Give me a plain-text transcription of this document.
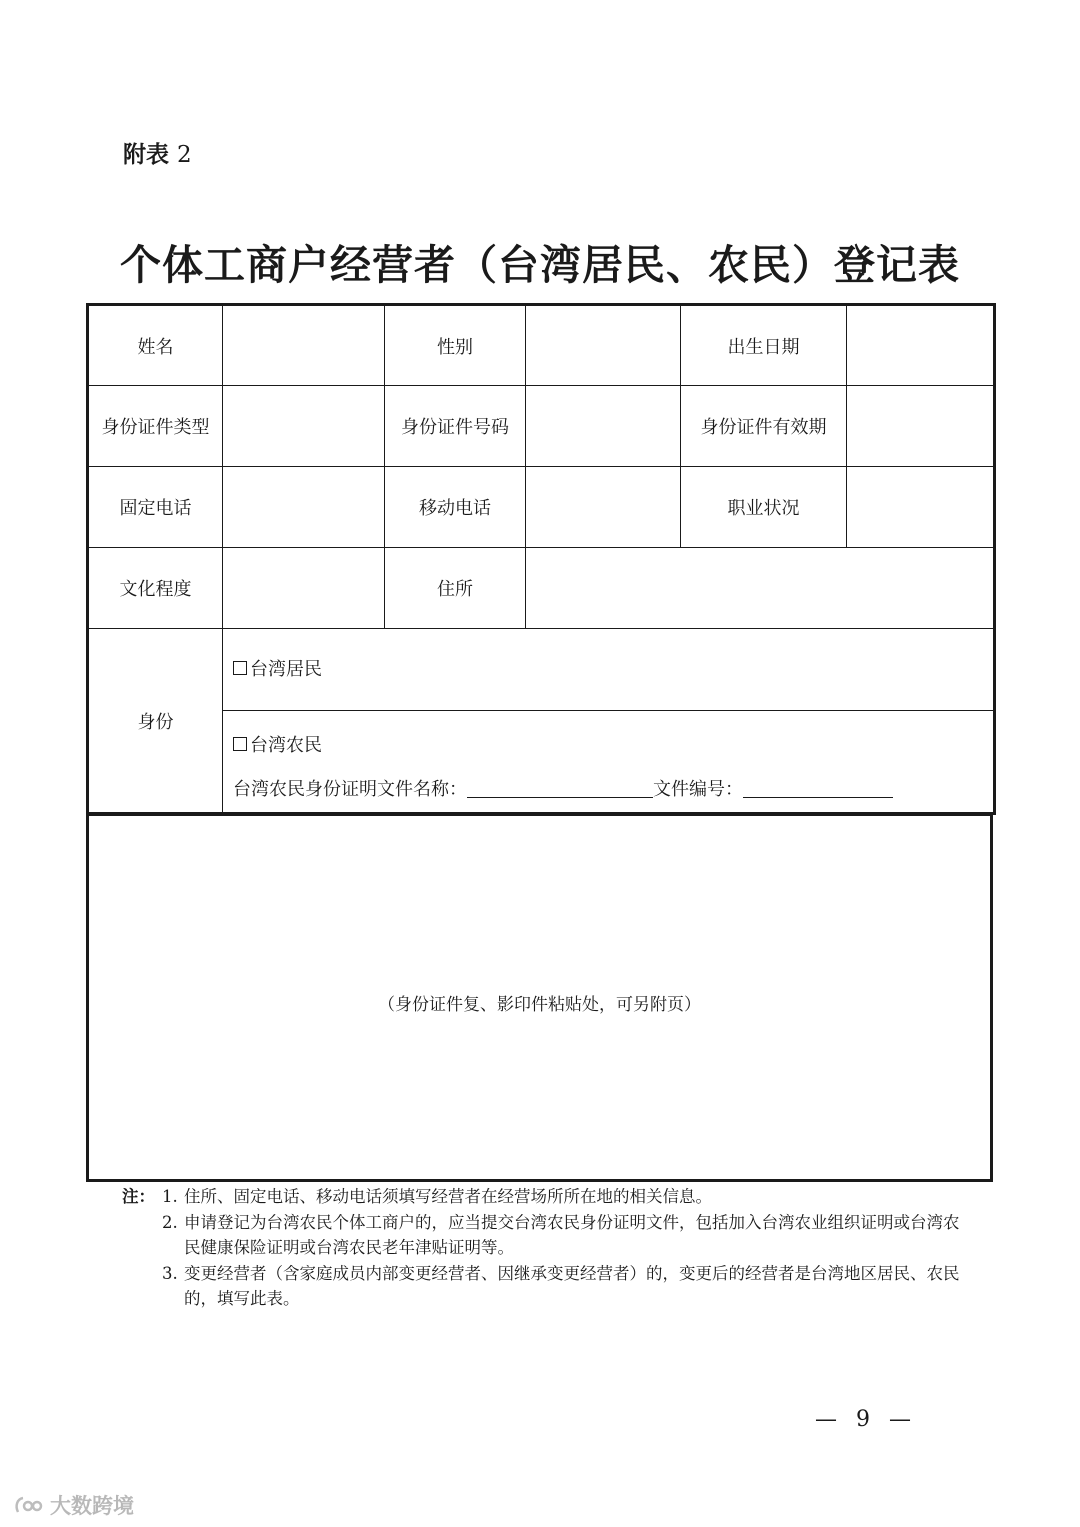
附表 2
个体工商户经营者（台湾居民、农民）登记表
姓名		性别		出生日期	
身份证件类型		身份证件号码		身份证件有效期	
固定电话		移动电话		职业状况	
文化程度		住所			
身份	台湾居民				

	台湾农民
台湾农民身份证明文件名称： 文件编号：				
（身份证件复、影印件粘贴处，可另附页）
注： 1. 住所、固定电话、移动电话须填写经营者在经营场所所在地的相关信息。
2. 申请登记为台湾农民个体工商户的，应当提交台湾农民身份证明文件，包括加入台湾农业组织证明或台湾农民健康保险证明或台湾农民老年津贴证明等。
3. 变更经营者（含家庭成员内部变更经营者、因继承变更经营者）的，变更后的经营者是台湾地区居民、农民的，填写此表。
— 9 —
大数跨境
